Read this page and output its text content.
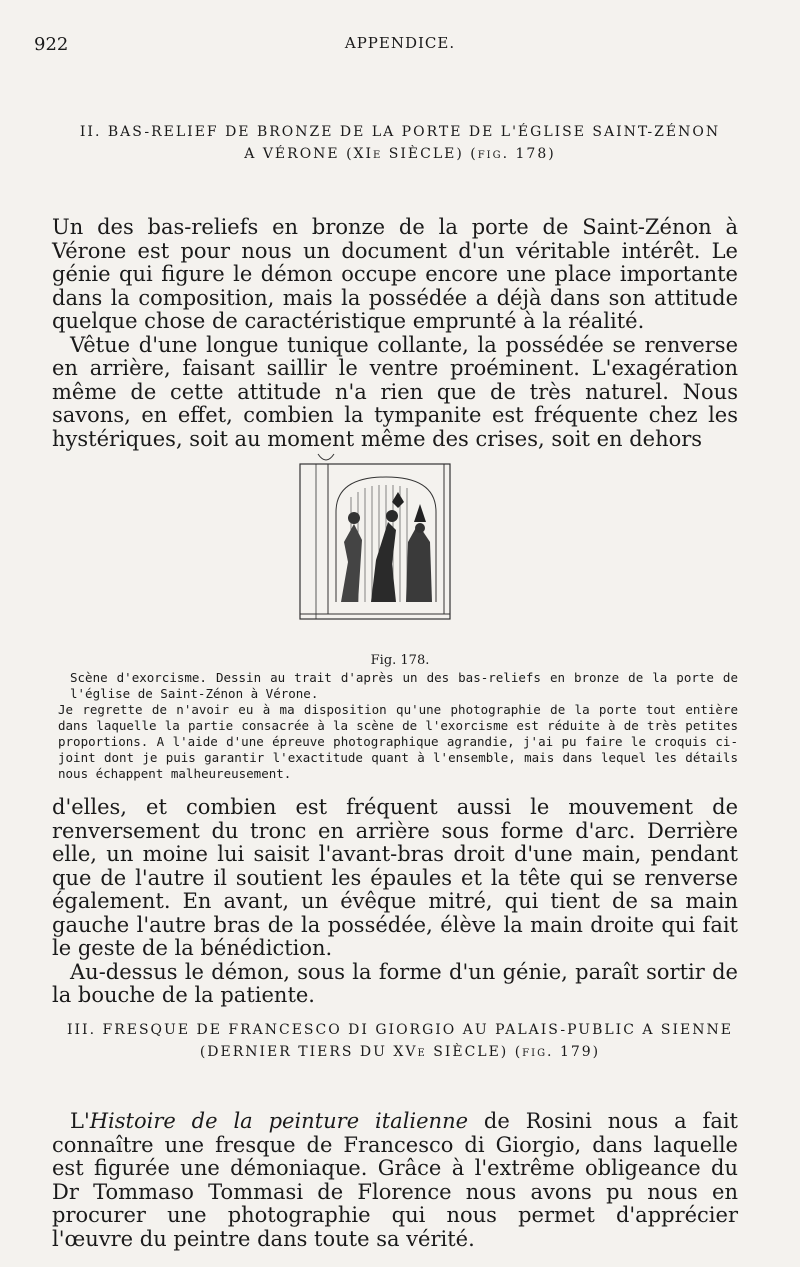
922	APPENDICE.
II. BAS-RELIEF DE BRONZE DE LA PORTE DE L'ÉGLISE SAINT-ZÉNON
A VÉRONE (XIe SIÈCLE) (fig. 178)

Un des bas-reliefs en bronze de la porte de Saint-Zénon à Vérone est pour nous un document d'un véritable intérêt. Le génie qui figure le démon occupe encore une place importante dans la composition, mais la possédée a déjà dans son attitude quelque chose de caractéristique emprunté à la réalité.

Vêtue d'une longue tunique collante, la possédée se renverse en arrière, faisant saillir le ventre proéminent. L'exagération même de cette attitude n'a rien que de très naturel. Nous savons, en effet, combien la tympanite est fréquente chez les hystériques, soit au moment même des crises, soit en dehors

Fig. 178.
Scène d'exorcisme. Dessin au trait d'après un des bas-reliefs en bronze de la porte de l'église de Saint-Zénon à Vérone.
Je regrette de n'avoir eu à ma disposition qu'une photographie de la porte tout entière dans laquelle la partie consacrée à la scène de l'exorcisme est réduite à de très petites proportions. A l'aide d'une épreuve photographique agrandie, j'ai pu faire le croquis ci-joint dont je puis garantir l'exactitude quant à l'ensemble, mais dans lequel les détails nous échappent malheureusement.

d'elles, et combien est fréquent aussi le mouvement de renversement du tronc en arrière sous forme d'arc. Derrière elle, un moine lui saisit l'avant-bras droit d'une main, pendant que de l'autre il soutient les épaules et la tête qui se renverse également. En avant, un évêque mitré, qui tient de sa main gauche l'autre bras de la possédée, élève la main droite qui fait le geste de la bénédiction.

Au-dessus le démon, sous la forme d'un génie, paraît sortir de la bouche de la patiente.

III. FRESQUE DE FRANCESCO DI GIORGIO AU PALAIS-PUBLIC A SIENNE
(DERNIER TIERS DU XVe SIÈCLE) (fig. 179)

L'Histoire de la peinture italienne de Rosini nous a fait connaître une fresque de Francesco di Giorgio, dans laquelle est figurée une démoniaque. Grâce à l'extrême obligeance du Dr Tommaso Tommasi de Florence nous avons pu nous en procurer une photographie qui nous permet d'apprécier l'œuvre du peintre dans toute sa vérité.
